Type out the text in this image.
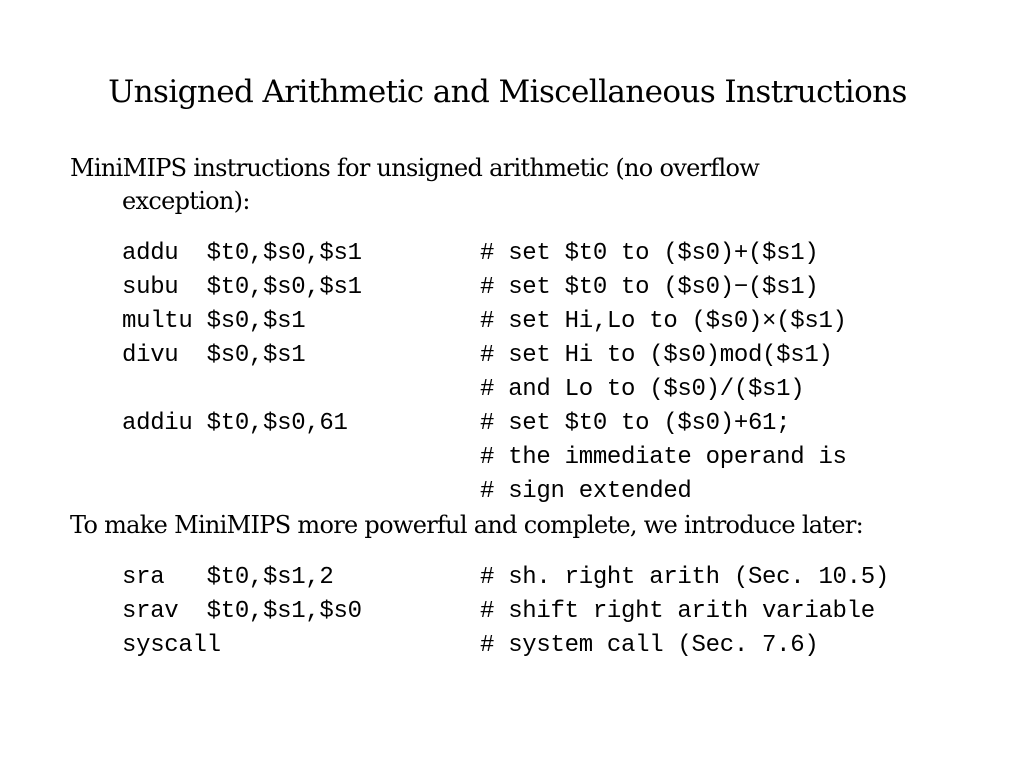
Unsigned Arithmetic and Miscellaneous Instructions
MiniMIPS instructions for unsigned arithmetic (no overflow
exception):
addu  $t0,$s0,$s1	# set $t0 to ($s0)+($s1)
subu  $t0,$s0,$s1	# set $t0 to ($s0)−($s1)
multu $s0,$s1	# set Hi,Lo to ($s0)×($s1)
divu  $s0,$s1	# set Hi to ($s0)mod($s1)
# and Lo to ($s0)/($s1)
addiu $t0,$s0,61	# set $t0 to ($s0)+61;
# the immediate operand is
# sign extended
To make MiniMIPS more powerful and complete, we introduce later:
sra   $t0,$s1,2	# sh. right arith (Sec. 10.5)
srav  $t0,$s1,$s0	# shift right arith variable
syscall	# system call (Sec. 7.6)
